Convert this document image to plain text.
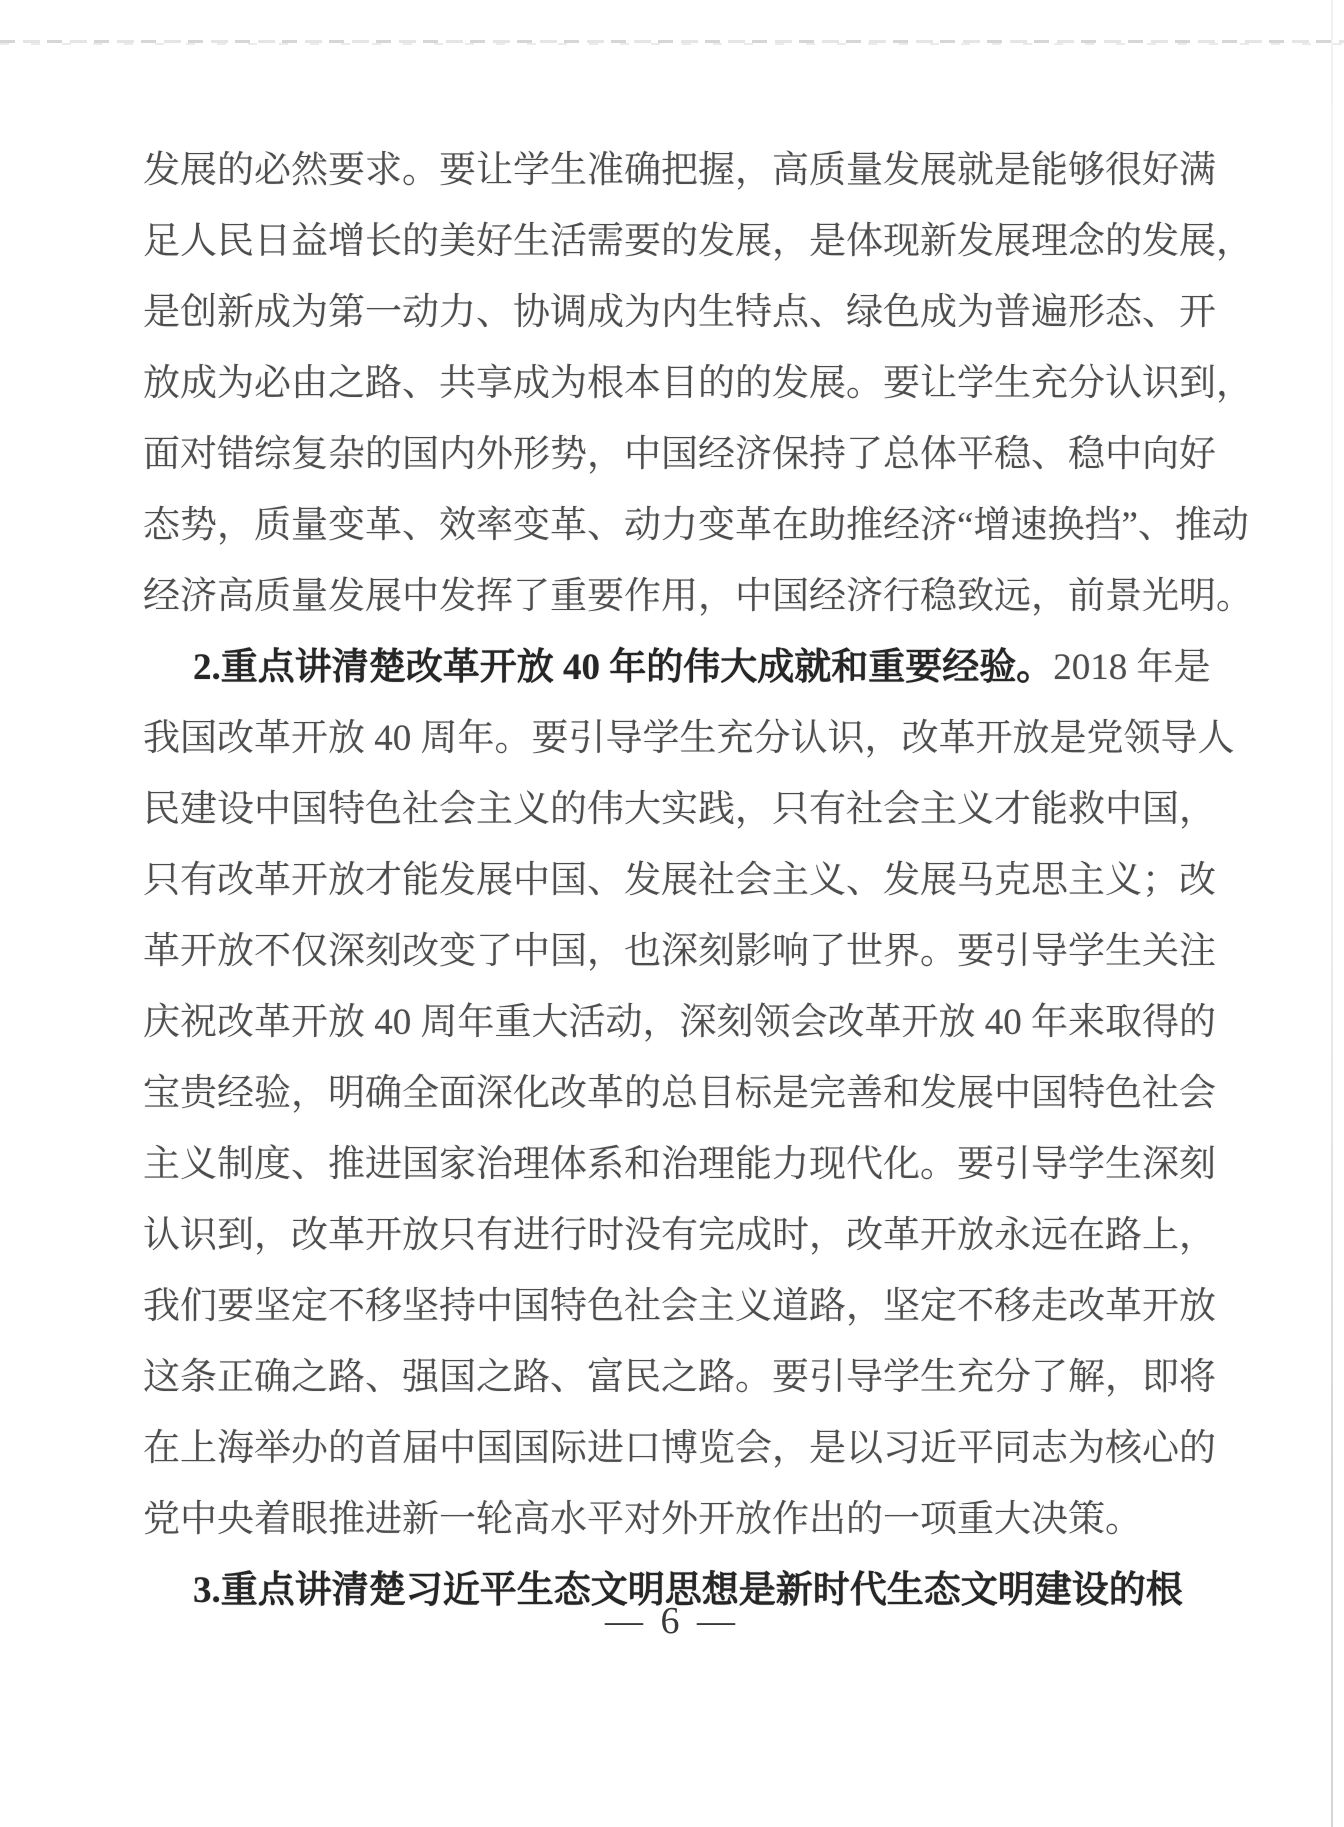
发 展 的 必 然 要 求 。 要 让 学 生 准 确 把 握 ， 高 质 量 发 展 就 是 能 够 很 好 满
足 人 民 日 益 增 长 的 美 好 生 活 需 要 的 发 展 ， 是 体 现 新 发 展 理 念 的 发 展 ，
是 创 新 成 为 第 一 动 力 、 协 调 成 为 内 生 特 点 、 绿 色 成 为 普 遍 形 态 、 开
放 成 为 必 由 之 路 、 共 享 成 为 根 本 目 的 的 发 展 。 要 让 学 生 充 分 认 识 到 ，
面 对 错 综 复 杂 的 国 内 外 形 势 ， 中 国 经 济 保 持 了 总 体 平 稳 、 稳 中 向 好
态 势 ， 质 量 变 革 、 效 率 变 革 、 动 力 变 革 在 助 推 经 济 “ 增 速 换 挡 ” 、 推 动
经 济 高 质 量 发 展 中 发 挥 了 重 要 作 用 ， 中 国 经 济 行 稳 致 远 ， 前 景 光 明 。
2. 重 点 讲 清 楚 改 革 开 放 40 年 的 伟 大 成 就 和 重 要 经 验 。 2018 年 是
我 国 改 革 开 放 40 周 年 。 要 引 导 学 生 充 分 认 识 ， 改 革 开 放 是 党 领 导 人
民 建 设 中 国 特 色 社 会 主 义 的 伟 大 实 践 ， 只 有 社 会 主 义 才 能 救 中 国 ，
只 有 改 革 开 放 才 能 发 展 中 国 、 发 展 社 会 主 义 、 发 展 马 克 思 主 义 ； 改
革 开 放 不 仅 深 刻 改 变 了 中 国 ， 也 深 刻 影 响 了 世 界 。 要 引 导 学 生 关 注
庆 祝 改 革 开 放 40 周 年 重 大 活 动 ， 深 刻 领 会 改 革 开 放 40 年 来 取 得 的
宝 贵 经 验 ， 明 确 全 面 深 化 改 革 的 总 目 标 是 完 善 和 发 展 中 国 特 色 社 会
主 义 制 度 、 推 进 国 家 治 理 体 系 和 治 理 能 力 现 代 化 。 要 引 导 学 生 深 刻
认 识 到 ， 改 革 开 放 只 有 进 行 时 没 有 完 成 时 ， 改 革 开 放 永 远 在 路 上 ，
我 们 要 坚 定 不 移 坚 持 中 国 特 色 社 会 主 义 道 路 ， 坚 定 不 移 走 改 革 开 放
这 条 正 确 之 路 、 强 国 之 路 、 富 民 之 路 。 要 引 导 学 生 充 分 了 解 ， 即 将
在 上 海 举 办 的 首 届 中 国 国 际 进 口 博 览 会 ， 是 以 习 近 平 同 志 为 核 心 的
党 中 央 着 眼 推 进 新 一 轮 高 水 平 对 外 开 放 作 出 的 一 项 重 大 决 策 。
3. 重 点 讲 清 楚 习 近 平 生 态 文 明 思 想 是 新 时 代 生 态 文 明 建 设 的 根
— 6 —
